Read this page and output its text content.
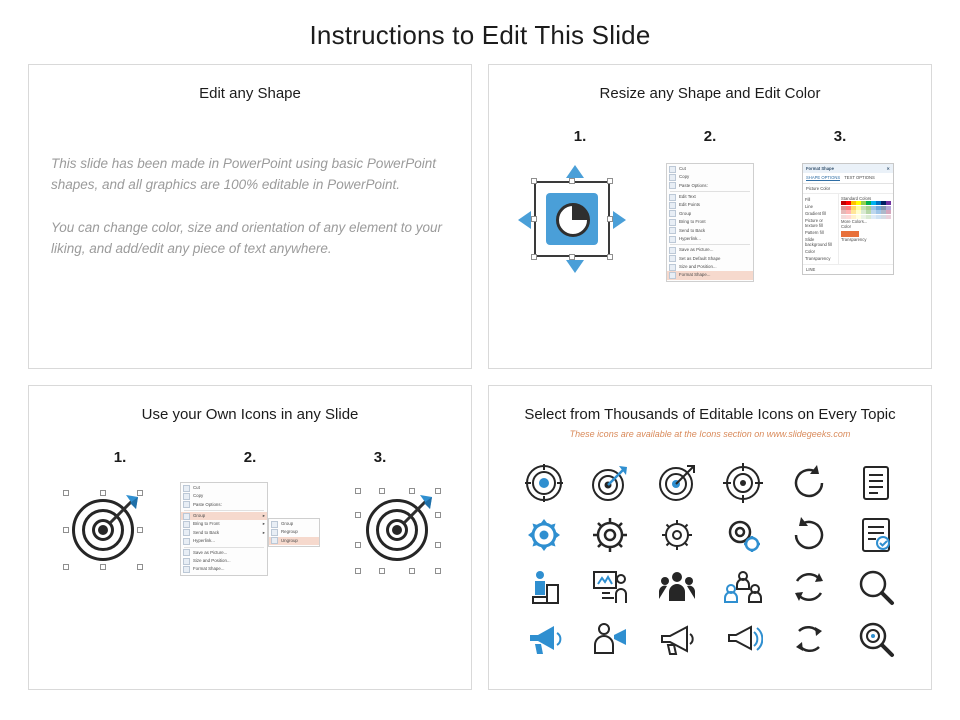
Instructions to Edit This Slide
Edit any Shape
This slide has been made in PowerPoint using basic PowerPoint shapes, and all graphics are 100% editable in PowerPoint.
You can change color, size and orientation of any element to your liking, and add/edit any piece of text anywhere.
Resize any Shape and Edit Color
1.	2.	3.
Cut
Copy
Paste Options:
Edit Text
Edit Points
Group
Bring to Front
Send to Back
Hyperlink...
Save as Picture...
Set as Default Shape
Size and Position...
Format Shape...
Format Shape	✕
SHAPE OPTIONS TEXT OPTIONS
Picture Color
Fill
Line
Gradient fill
Picture or texture fill
Pattern fill
Slide background fill
Color
Transparency
Standard Colors
More Colors...
Color
Transparency
LINE
Use your Own Icons in any Slide
1.	2.	3.
Cut
Copy
Paste Options:
Group	▸
Bring to Front	▸
Send to Back	▸
Hyperlink...
Save as Picture...
Size and Position...
Format Shape...
Group
Regroup
Ungroup
Select from Thousands of Editable Icons on Every Topic
These icons are available at the Icons section on www.slidegeeks.com
